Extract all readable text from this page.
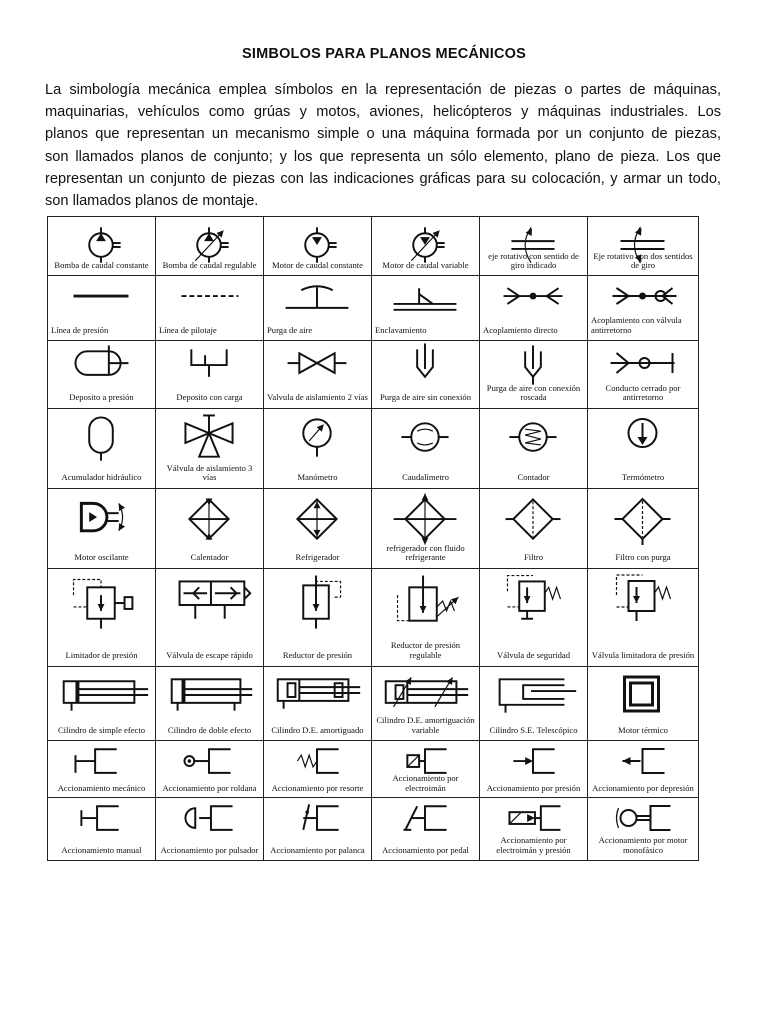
SIMBOLOS PARA PLANOS MECÁNICOS
La simbología mecánica emplea símbolos en la representación de piezas o partes de máquinas,
maquinarias, vehículos como grúas y motos, aviones, helicópteros y máquinas industriales. Los
planos que representan un mecanismo simple o una máquina formada por un conjunto de piezas,
son llamados planos de conjunto; y los que representa un sólo elemento, plano de pieza. Los que
representan un conjunto de piezas con las indicaciones gráficas para su colocación, y armar un todo,
son llamados planos de montaje.
Bomba de caudal constante	Bomba de caudal regulable	Motor de caudal constante	Motor de caudal variable	eje rotativo con sentido de giro indicado	Eje rotativo con dos sentidos de giro

Línea de presión	Línea de pilotaje	Purga de aire	Enclavamiento	Acoplamiento directo	Acoplamiento con válvula antirretorno

Deposito a presión	Deposito con carga	Valvula de aislamiento 2 vías	Purga de aire sin conexión	Purga de aire con conexión roscada	Conducto cerrado por antirretorno

Acumulador hidráulico	Válvula de aislamiento 3 vías	Manómetro	Caudalímetro	Contador	Termómetro

Motor oscilante	Calentador	Refrigerador	refrigerador con fluido refrigerante	Filtro	Filtro con purga

Limitador de presión	Válvula de escape rápido	Reductor de presión	Reductor de presión regulable	Válvula de seguridad	Válvula limitadora de presión

Cilindro de simple efecto	Cilindro de doble efecto	Cilindro D.E. amortiguado	Cilindro D.E. amortiguación variable	Cilindro S.E. Telescópico	Motor térmico

Accionamiento mecánico	Accionamiento por roldana	Accionamiento por resorte	Accionamiento por electroimán	Accionamiento por presión	Accionamiento por depresión

Accionamiento manual	Accionamiento por pulsador	Accionamiento por palanca	Accionamiento por pedal	Accionamiento por electroimán y presión	Accionamiento por motor monofásico
